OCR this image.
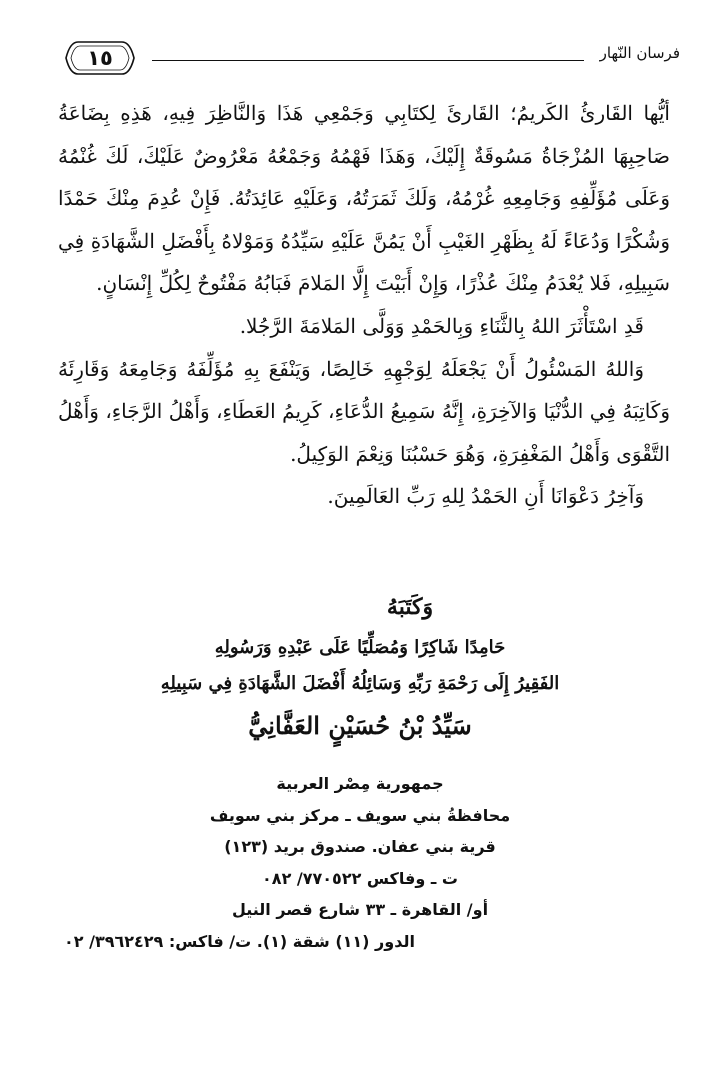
فرسان النّهار
١٥

أيُّها القَارئُ الكَريمُ؛ القَارئَ لِكتَابِي وَجَمْعِي هَذَا وَالنَّاظِرَ فِيهِ، هَذِهِ بِضَاعَةُ صَاحِبِهَا المُزْجَاةُ مَسُوقَةٌ إِلَيْكَ، وَهَذَا فَهْمُهُ وَجَمْعُهُ مَعْرُوضٌ عَلَيْكَ، لَكَ غُنْمُهُ وَعَلَى مُؤَلِّفِهِ وَجَامِعِهِ غُرْمُهُ، وَلَكَ ثَمَرَتُهُ، وَعَلَيْهِ عَائِدَتُهُ. فَإِنْ عُدِمَ مِنْكَ حَمْدًا وَشُكْرًا وَدُعَاءً لَهُ بِظَهْرِ الغَيْبِ أَنْ يَمُنَّ عَلَيْهِ سَيِّدُهُ وَمَوْلاهُ بِأَفْضَلِ الشَّهَادَةِ فِي سَبِيلِهِ، فَلا يُعْدَمُ مِنْكَ عُذْرًا، وَإِنْ أَبَيْتَ إِلَّا المَلامَ فَبَابُهُ مَفْتُوحٌ لِكُلِّ إِنْسَانٍ.

قَدِ اسْتَأْثَرَ اللهُ بِالثَّنَاءِ وَبِالحَمْدِ وَوَلَّى المَلامَةَ الرَّجُلا.

وَاللهُ المَسْئُولُ أَنْ يَجْعَلَهُ لِوَجْهِهِ خَالِصًا، وَيَنْفَعَ بِهِ مُؤَلِّفَهُ وَجَامِعَهُ وَقَارِئَهُ وَكَاتِبَهُ فِي الدُّنْيَا وَالآخِرَةِ، إِنَّهُ سَمِيعُ الدُّعَاءِ، كَرِيمُ العَطَاءِ، وَأَهْلُ الرَّجَاءِ، وَأَهْلُ التَّقْوَى وَأَهْلُ المَغْفِرَةِ، وَهُوَ حَسْبُنَا وَنِعْمَ الوَكِيلُ.

وَآخِرُ دَعْوَانَا أَنِ الحَمْدُ لِلهِ رَبِّ العَالَمِينَ.

وَكَتَبَهُ

حَامِدًا شَاكِرًا وَمُصَلِّيًا عَلَى عَبْدِهِ وَرَسُولِهِ

الفَقِيرُ إِلَى رَحْمَةِ رَبِّهِ وَسَائِلُهُ أَفْضَلَ الشَّهَادَةِ فِي سَبِيلِهِ

سَيِّدُ بْنُ حُسَيْنٍ العَفَّانِيُّ

جمهورية مِصْر العربية

محافظةُ بني سويف ـ مركز بني سويف

قرية بني عفان. صندوق بريد (١٢٣)

ت ـ وفاكس ٧٧٠٥٢٢/ ٠٨٢

أو/ القاهرة ـ ٣٣ شارع قصر النيل

الدور (١١) شقة (١). ت/ فاكس: ٣٩٦٢٤٢٩/ ٠٢
